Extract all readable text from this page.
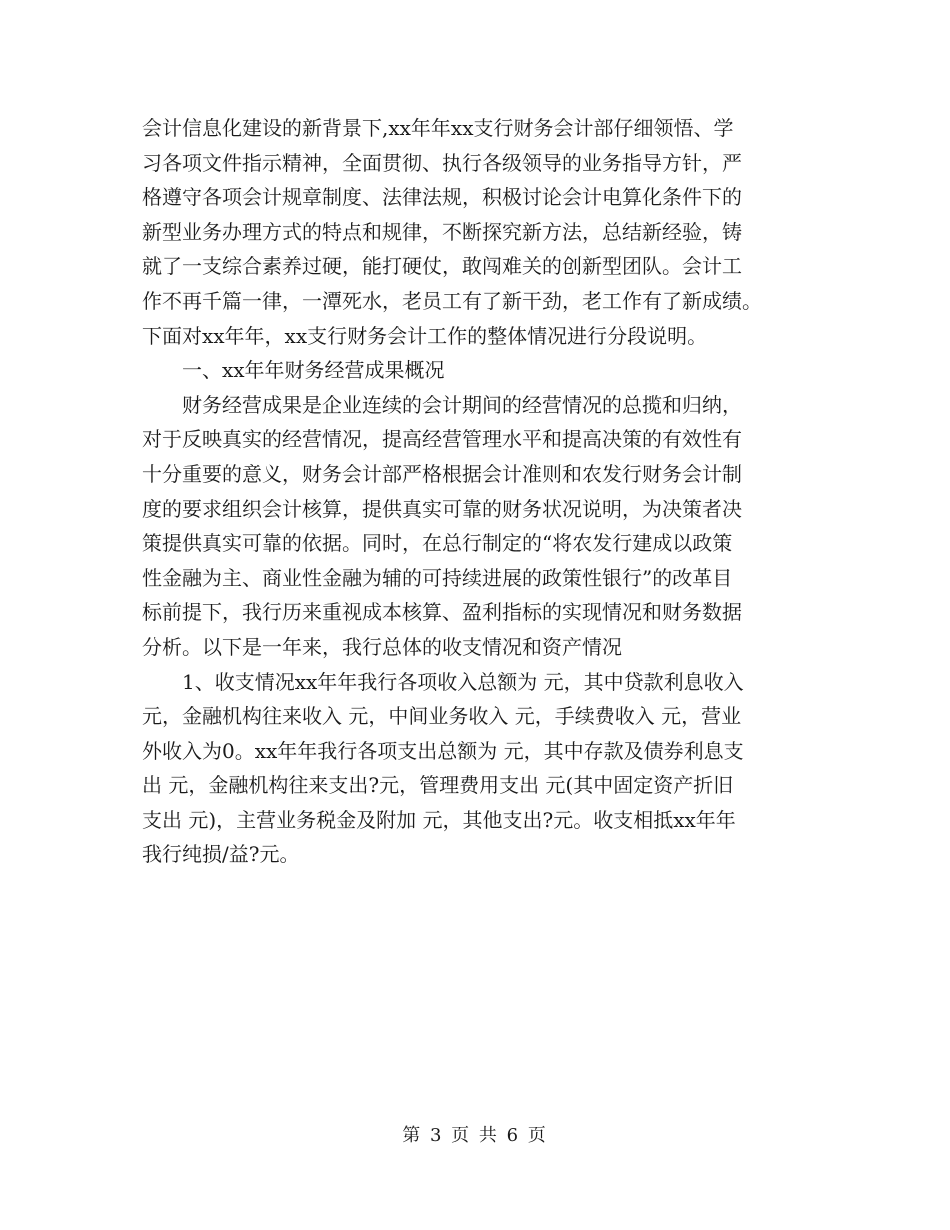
会计信息化建设的新背景下,xx年年xx支行财务会计部仔细领悟、学
习各项文件指示精神，全面贯彻、执行各级领导的业务指导方针，严
格遵守各项会计规章制度、法律法规，积极讨论会计电算化条件下的
新型业务办理方式的特点和规律，不断探究新方法，总结新经验，铸
就了一支综合素养过硬，能打硬仗，敢闯难关的创新型团队。会计工
作不再千篇一律，一潭死水，老员工有了新干劲，老工作有了新成绩。
下面对xx年年，xx支行财务会计工作的整体情况进行分段说明。
　　一、xx年年财务经营成果概况
　　财务经营成果是企业连续的会计期间的经营情况的总揽和归纳，
对于反映真实的经营情况，提高经营管理水平和提高决策的有效性有
十分重要的意义，财务会计部严格根据会计准则和农发行财务会计制
度的要求组织会计核算，提供真实可靠的财务状况说明，为决策者决
策提供真实可靠的依据。同时，在总行制定的“将农发行建成以政策
性金融为主、商业性金融为辅的可持续进展的政策性银行”的改革目
标前提下，我行历来重视成本核算、盈利指标的实现情况和财务数据
分析。以下是一年来，我行总体的收支情况和资产情况
　　1、收支情况xx年年我行各项收入总额为 元，其中贷款利息收入
元，金融机构往来收入 元，中间业务收入 元，手续费收入 元，营业
外收入为0。xx年年我行各项支出总额为 元，其中存款及债券利息支
出 元，金融机构往来支出?元，管理费用支出 元(其中固定资产折旧
支出 元)，主营业务税金及附加 元，其他支出?元。收支相抵xx年年
我行纯损/益?元。
第 3 页 共 6 页
